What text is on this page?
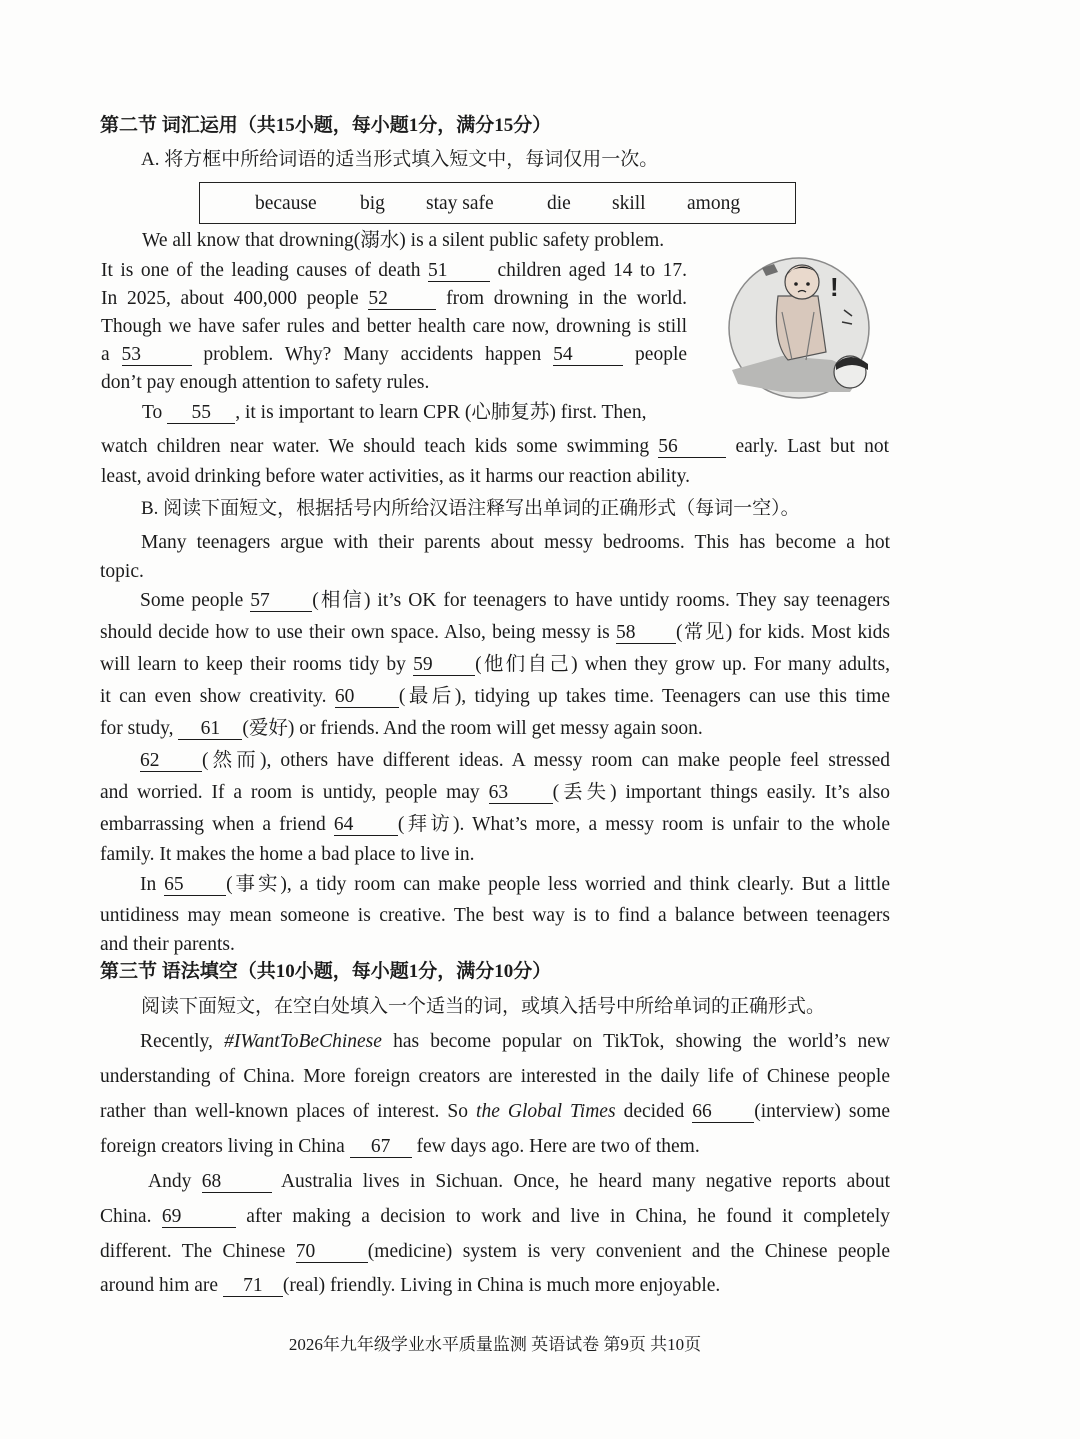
第二节 词汇运用（共15小题，每小题1分，满分15分）
A. 将方框中所给词语的适当形式填入短文中，每词仅用一次。
because big stay safe	die skill among
We all know that drowning(溺水) is a silent public safety problem.
It is one of the leading causes of death 51	children aged 14 to 17.
In 2025, about 400,000 people 52	from drowning in the world.
Though we have safer rules and better health care now, drowning is still
a 53	problem. Why? Many accidents happen 54	people
don’t pay enough attention to safety rules.
To 55 , it is important to learn CPR (心肺复苏) first. Then,
watch children near water. We should teach kids some swimming 56	early. Last but not
least, avoid drinking before water activities, as it harms our reaction ability.
!
B. 阅读下面短文，根据括号内所给汉语注释写出单词的正确形式（每词一空）。
Many teenagers argue with their parents about messy bedrooms. This has become a hot
topic.
Some people 57 (相信) it’s OK for teenagers to have untidy rooms. They say teenagers
should decide how to use their own space. Also, being messy is 58 (常见) for kids. Most kids
will learn to keep their rooms tidy by 59 (他们自己) when they grow up. For many adults,
it can even show creativity. 60 (最后), tidying up takes time. Teenagers can use this time
for study, 61 (爱好) or friends. And the room will get messy again soon.
62 (然而), others have different ideas. A messy room can make people feel stressed
and worried. If a room is untidy, people may 63 (丢失) important things easily. It’s also
embarrassing when a friend 64 (拜访). What’s more, a messy room is unfair to the whole
family. It makes the home a bad place to live in.
In 65 (事实), a tidy room can make people less worried and think clearly. But a little
untidiness may mean someone is creative. The best way is to find a balance between teenagers
and their parents.
第三节 语法填空（共10小题，每小题1分，满分10分）
阅读下面短文，在空白处填入一个适当的词，或填入括号中所给单词的正确形式。
Recently, #IWantToBeChinese has become popular on TikTok, showing the world’s new
understanding of China. More foreign creators are interested in the daily life of Chinese people
rather than well-known places of interest. So the Global Times decided 66 (interview) some
foreign creators living in China 67 few days ago. Here are two of them.
Andy 68	Australia lives in Sichuan. Once, he heard many negative reports about
China. 69	after making a decision to work and live in China, he found it completely
different. The Chinese 70	(medicine) system is very convenient and the Chinese people
around him are 71 (real) friendly. Living in China is much more enjoyable.
2026年九年级学业水平质量监测 英语试卷 第9页 共10页
